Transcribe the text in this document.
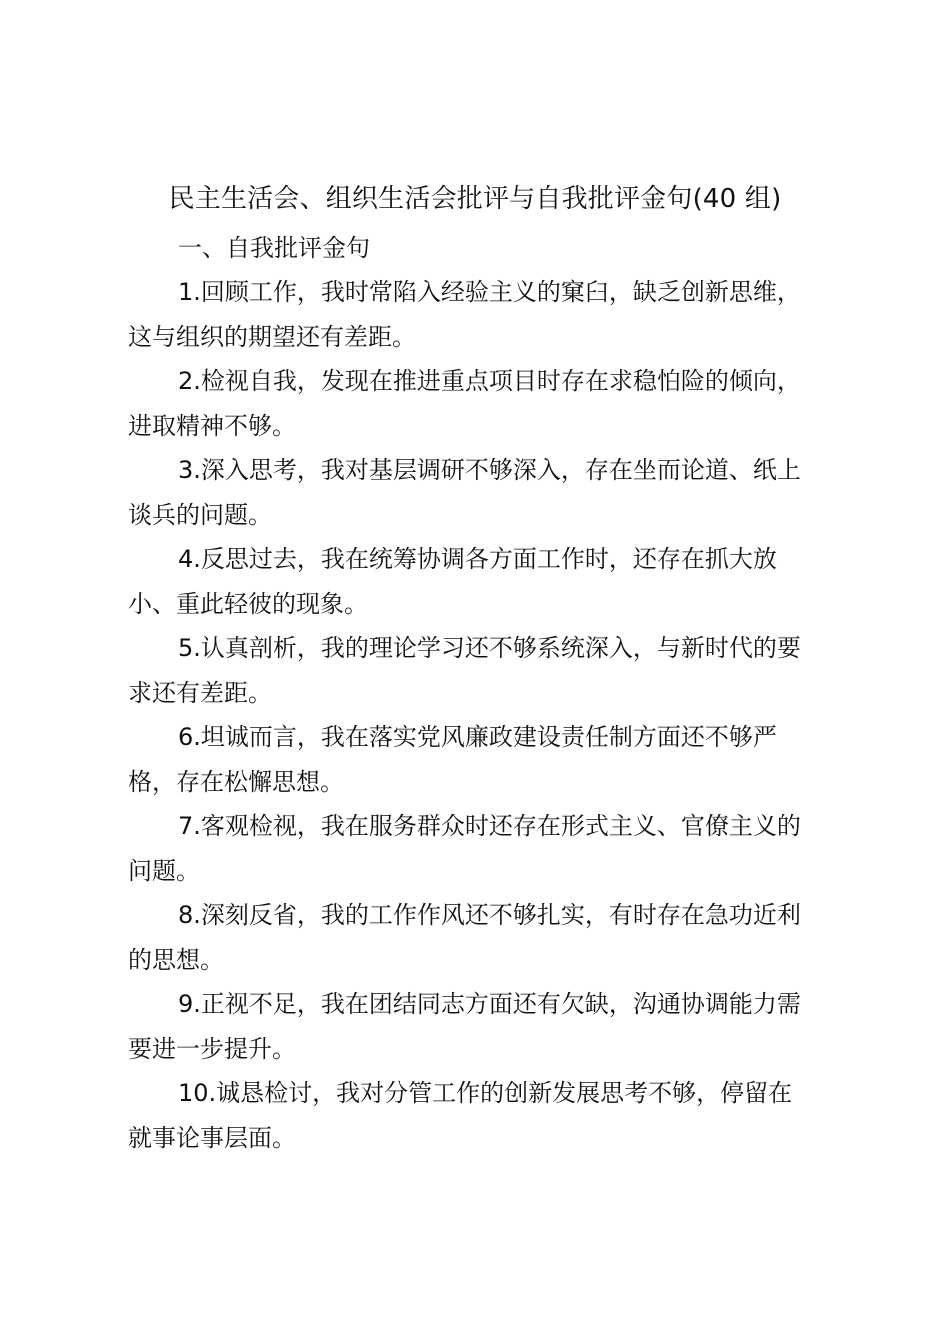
民主生活会、组织生活会批评与自我批评金句(40 组)
一、自我批评金句

1.回顾工作，我时常陷入经验主义的窠臼，缺乏创新思维，
这与组织的期望还有差距。

2.检视自我，发现在推进重点项目时存在求稳怕险的倾向，
进取精神不够。

3.深入思考，我对基层调研不够深入，存在坐而论道、纸上
谈兵的问题。

4.反思过去，我在统筹协调各方面工作时，还存在抓大放
小、重此轻彼的现象。

5.认真剖析，我的理论学习还不够系统深入，与新时代的要
求还有差距。

6.坦诚而言，我在落实党风廉政建设责任制方面还不够严
格，存在松懈思想。

7.客观检视，我在服务群众时还存在形式主义、官僚主义的
问题。

8.深刻反省，我的工作作风还不够扎实，有时存在急功近利
的思想。

9.正视不足，我在团结同志方面还有欠缺，沟通协调能力需
要进一步提升。

10.诚恳检讨，我对分管工作的创新发展思考不够，停留在
就事论事层面。
